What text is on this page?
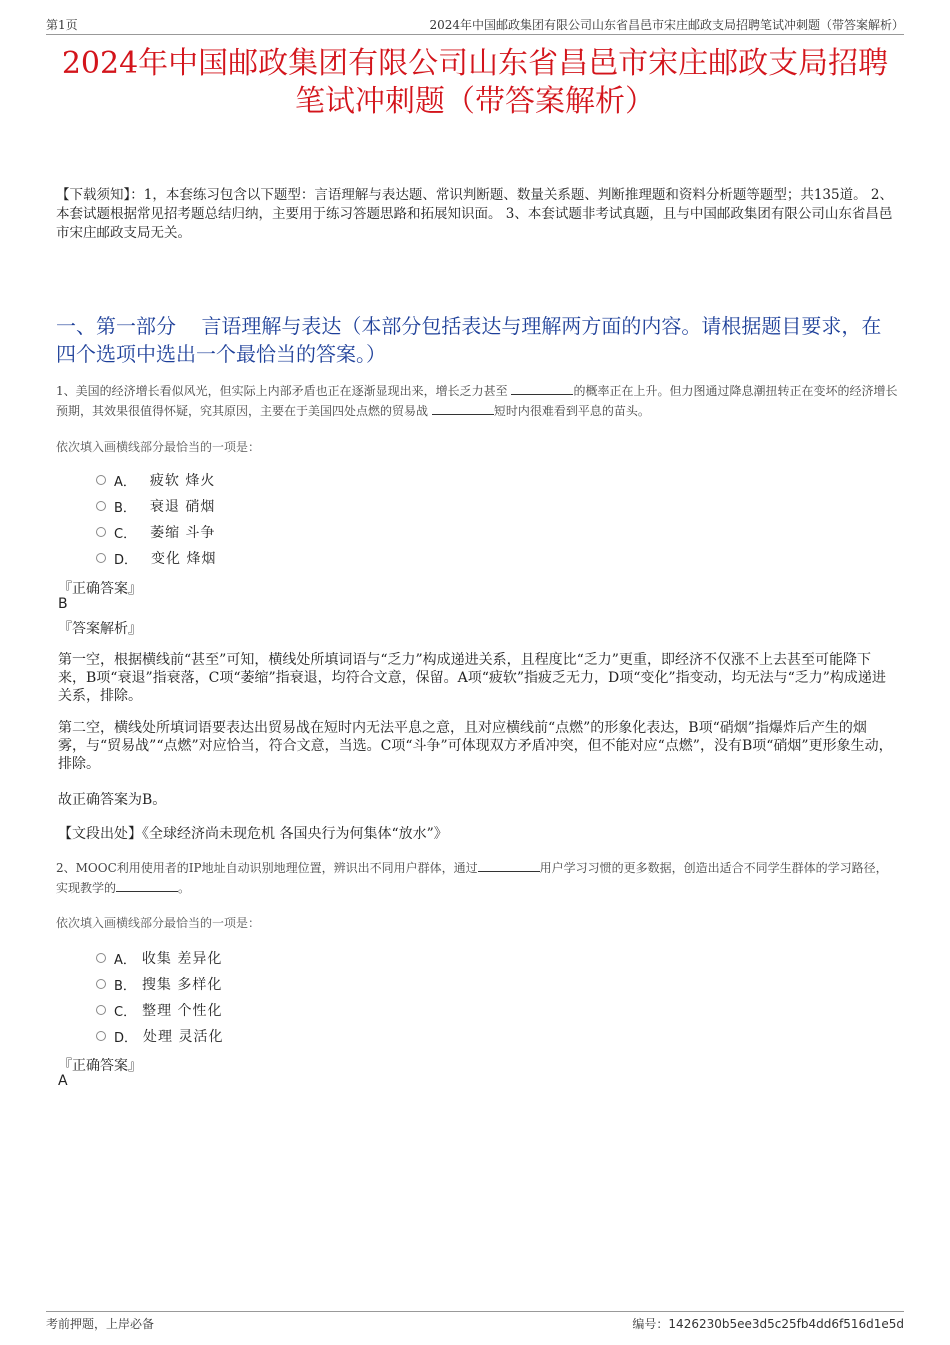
第1页	2024年中国邮政集团有限公司山东省昌邑市宋庄邮政支局招聘笔试冲刺题（带答案解析）
2024年中国邮政集团有限公司山东省昌邑市宋庄邮政支局招聘
笔试冲刺题（带答案解析）
【下载须知】：1，本套练习包含以下题型：言语理解与表达题、常识判断题、数量关系题、判断推理题和资料分析题等题型；共135道。 2、本套试题根据常见招考题总结归纳，主要用于练习答题思路和拓展知识面。 3、本套试题非考试真题，且与中国邮政集团有限公司山东省昌邑市宋庄邮政支局无关。
一、第一部分 言语理解与表达（本部分包括表达与理解两方面的内容。请根据题目要求，在四个选项中选出一个最恰当的答案。）
1、美国的经济增长看似风光，但实际上内部矛盾也正在逐渐显现出来，增长乏力甚至	的概率正在上升。但力图通过降息潮扭转正在变坏的经济增长预期，其效果很值得怀疑，究其原因，主要在于美国四处点燃的贸易战	短时内很难看到平息的苗头。
依次填入画横线部分最恰当的一项是：
A． 疲软 烽火
B． 衰退 硝烟
C． 萎缩 斗争
D． 变化 烽烟
『正确答案』
B
『答案解析』
第一空，根据横线前“甚至”可知，横线处所填词语与“乏力”构成递进关系，且程度比“乏力”更重，即经济不仅涨不上去甚至可能降下来，B项“衰退”指衰落，C项“萎缩”指衰退，均符合文意，保留。A项“疲软”指疲乏无力，D项“变化”指变动，均无法与“乏力”构成递进关系，排除。
第二空，横线处所填词语要表达出贸易战在短时内无法平息之意，且对应横线前“点燃”的形象化表达，B项“硝烟”指爆炸后产生的烟雾，与“贸易战”“点燃”对应恰当，符合文意，当选。C项“斗争”可体现双方矛盾冲突，但不能对应“点燃”，没有B项“硝烟”更形象生动，排除。
故正确答案为B。
【文段出处】《全球经济尚未现危机 各国央行为何集体“放水”》
2、MOOC利用使用者的IP地址自动识别地理位置，辨识出不同用户群体，通过	用户学习习惯的更多数据，创造出适合不同学生群体的学习路径，实现教学的	。
依次填入画横线部分最恰当的一项是：
A． 收集 差异化
B． 搜集 多样化
C． 整理 个性化
D． 处理 灵活化
『正确答案』
A
考前押题，上岸必备	编号：1426230b5ee3d5c25fb4dd6f516d1e5d
